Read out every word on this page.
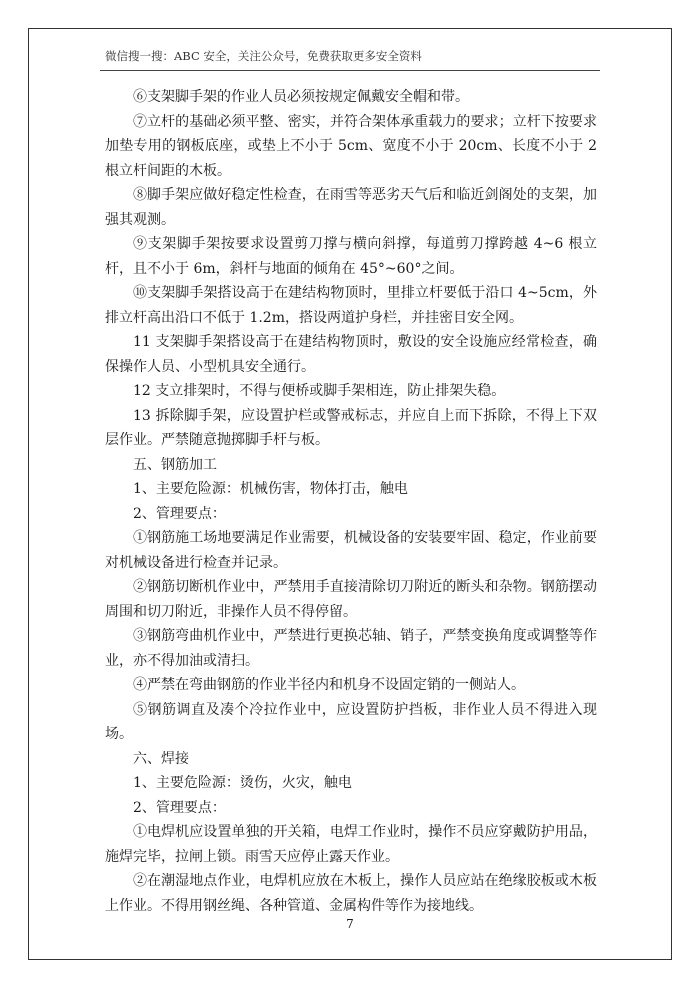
微信搜一搜：ABC 安全，关注公众号，免费获取更多安全资料

⑥支架脚手架的作业人员必须按规定佩戴安全帽和带。

⑦立杆的基础必须平整、密实，并符合架体承重载力的要求；立杆下按要求加垫专用的钢板底座，或垫上不小于 5cm、宽度不小于 20cm、长度不小于 2 根立杆间距的木板。

⑧脚手架应做好稳定性检查，在雨雪等恶劣天气后和临近剑阁处的支架，加强其观测。

⑨支架脚手架按要求设置剪刀撑与横向斜撑，每道剪刀撑跨越 4~6 根立杆，且不小于 6m，斜杆与地面的倾角在 45°~60°之间。

⑩支架脚手架搭设高于在建结构物顶时，里排立杆要低于沿口 4~5cm，外排立杆高出沿口不低于 1.2m，搭设两道护身栏，并挂密目安全网。

11 支架脚手架搭设高于在建结构物顶时，敷设的安全设施应经常检查，确保操作人员、小型机具安全通行。

12 支立排架时，不得与便桥或脚手架相连，防止排架失稳。

13 拆除脚手架，应设置护栏或警戒标志，并应自上而下拆除，不得上下双层作业。严禁随意抛掷脚手杆与板。

五、钢筋加工

1、主要危险源：机械伤害，物体打击，触电

2、管理要点：

①钢筋施工场地要满足作业需要，机械设备的安装要牢固、稳定，作业前要对机械设备进行检查并记录。

②钢筋切断机作业中，严禁用手直接清除切刀附近的断头和杂物。钢筋摆动周围和切刀附近，非操作人员不得停留。

③钢筋弯曲机作业中，严禁进行更换芯轴、销子，严禁变换角度或调整等作业，亦不得加油或清扫。

④严禁在弯曲钢筋的作业半径内和机身不设固定销的一侧站人。

⑤钢筋调直及凑个冷拉作业中，应设置防护挡板，非作业人员不得进入现场。

六、焊接

1、主要危险源：烫伤，火灾，触电

2、管理要点：

①电焊机应设置单独的开关箱，电焊工作业时，操作不员应穿戴防护用品，施焊完毕，拉闸上锁。雨雪天应停止露天作业。

②在潮湿地点作业，电焊机应放在木板上，操作人员应站在绝缘胶板或木板上作业。不得用钢丝绳、各种管道、金属构件等作为接地线。

7
